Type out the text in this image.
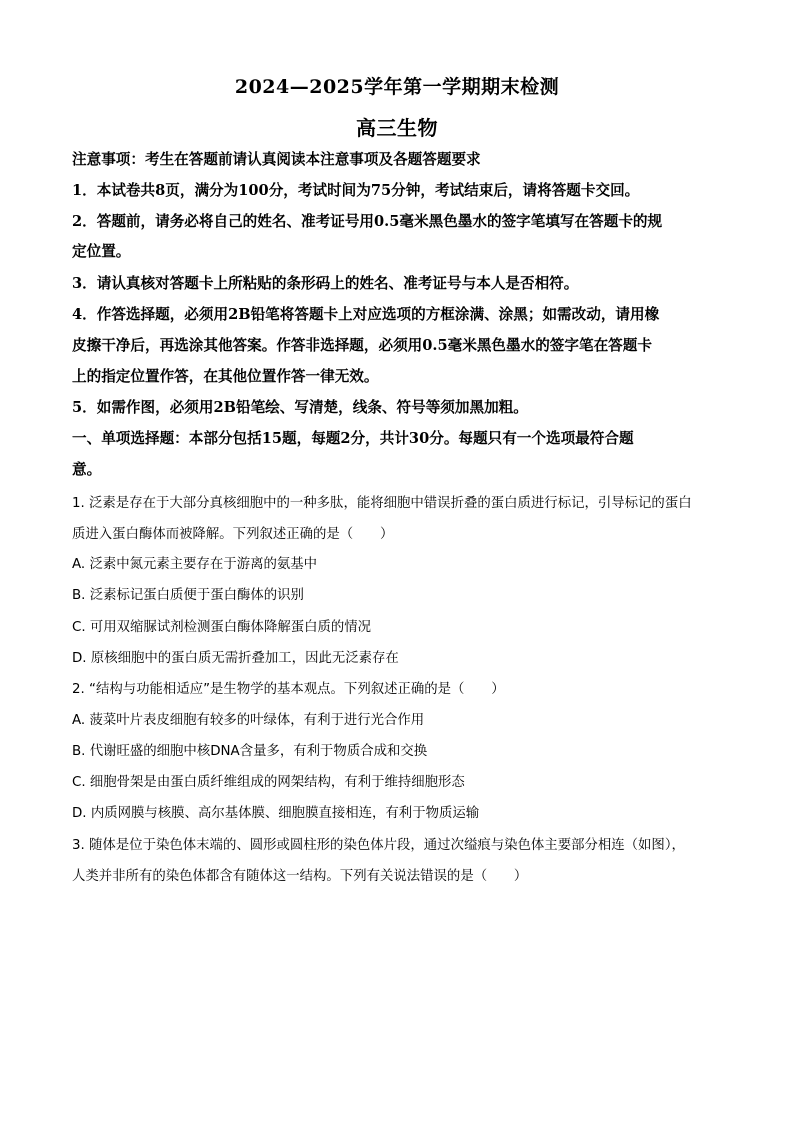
2024—2025学年第一学期期末检测
高三生物
注意事项：考生在答题前请认真阅读本注意事项及各题答题要求
1．本试卷共8页，满分为100分，考试时间为75分钟，考试结束后，请将答题卡交回。
2．答题前，请务必将自己的姓名、准考证号用0.5毫米黑色墨水的签字笔填写在答题卡的规
定位置。
3．请认真核对答题卡上所粘贴的条形码上的姓名、准考证号与本人是否相符。
4．作答选择题，必须用2B铅笔将答题卡上对应选项的方框涂满、涂黑；如需改动，请用橡
皮擦干净后，再选涂其他答案。作答非选择题，必须用0.5毫米黑色墨水的签字笔在答题卡
上的指定位置作答，在其他位置作答一律无效。
5．如需作图，必须用2B铅笔绘、写清楚，线条、符号等须加黑加粗。
一、单项选择题：本部分包括15题，每题2分，共计30分。每题只有一个选项最符合题
意。
1. 泛素是存在于大部分真核细胞中的一种多肽，能将细胞中错误折叠的蛋白质进行标记，引导标记的蛋白
质进入蛋白酶体而被降解。下列叙述正确的是（　　）
A. 泛素中氮元素主要存在于游离的氨基中
B. 泛素标记蛋白质便于蛋白酶体的识别
C. 可用双缩脲试剂检测蛋白酶体降解蛋白质的情况
D. 原核细胞中的蛋白质无需折叠加工，因此无泛素存在
2. “结构与功能相适应”是生物学的基本观点。下列叙述正确的是（　　）
A. 菠菜叶片表皮细胞有较多的叶绿体，有利于进行光合作用
B. 代谢旺盛的细胞中核DNA含量多，有利于物质合成和交换
C. 细胞骨架是由蛋白质纤维组成的网架结构，有利于维持细胞形态
D. 内质网膜与核膜、高尔基体膜、细胞膜直接相连，有利于物质运输
3. 随体是位于染色体末端的、圆形或圆柱形的染色体片段，通过次缢痕与染色体主要部分相连（如图），
人类并非所有的染色体都含有随体这一结构。下列有关说法错误的是（　　）
